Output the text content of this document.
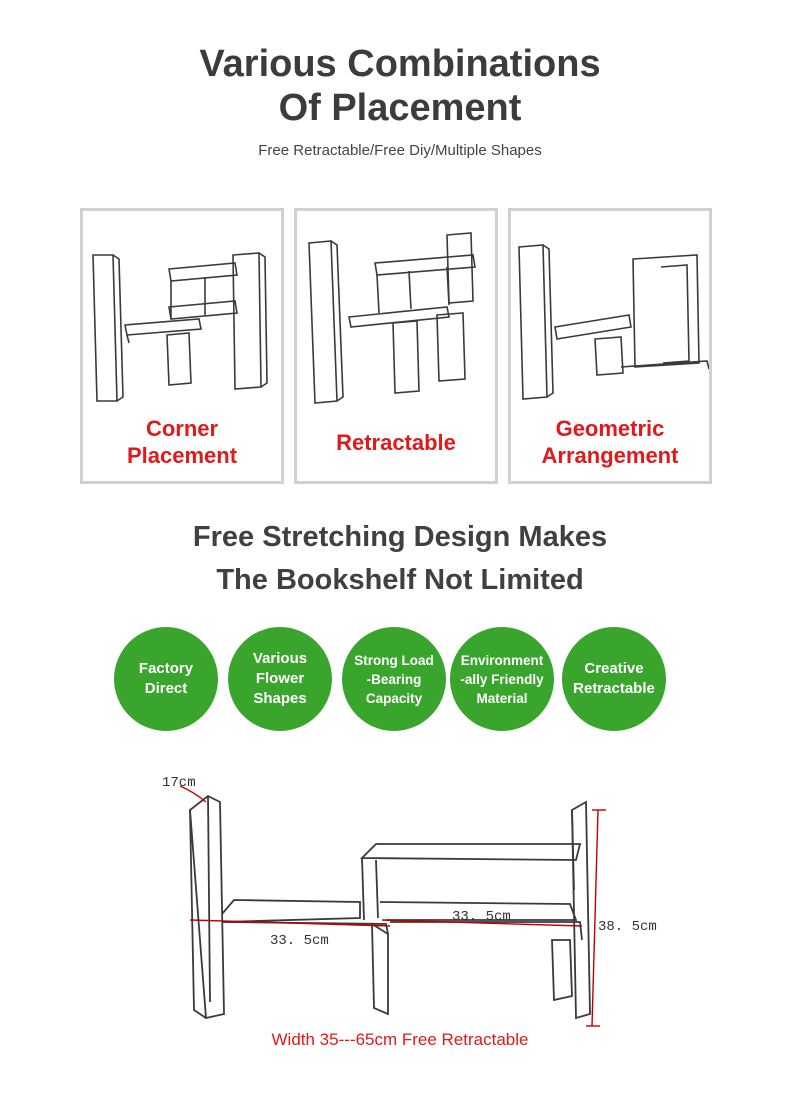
Various Combinations
Of Placement
Free Retractable/Free Diy/Multiple Shapes
Corner
Placement
Retractable
Geometric
Arrangement
Free Stretching Design Makes
The Bookshelf Not Limited
Factory
Direct
Various
Flower
Shapes
Strong Load
-Bearing
Capacity
Environment
-ally Friendly
Material
Creative
Retractable
17cm
33. 5cm
33. 5cm
38. 5cm
Width 35---65cm Free Retractable
